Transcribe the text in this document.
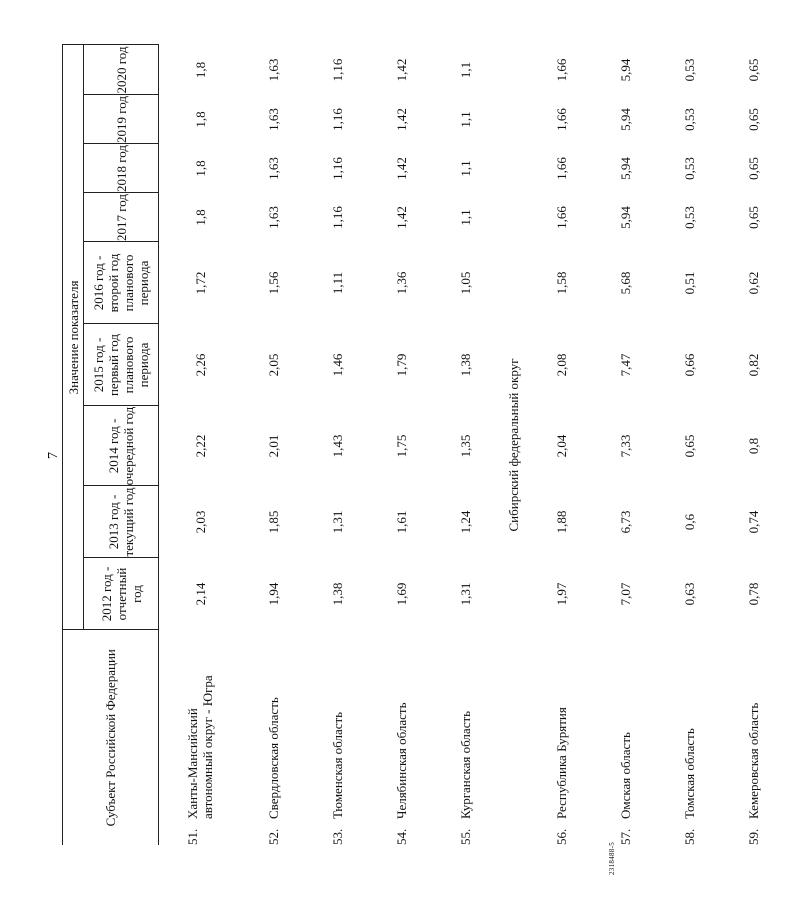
7
2318488-5
Субъект Российской Федерации	Значение показателя								
	2012 год - отчетный год	2013 год - текущий год	2014 год - очередной год	2015 год - первый год планового периода	2016 год - второй год планового периода	2017 год	2018 год	2019 год	2020 год
51.Ханты-Мансийский автономный округ - Югра	2,14	2,03	2,22	2,26	1,72	1,8	1,8	1,8	1,8
52.Свердловская область	1,94	1,85	2,01	2,05	1,56	1,63	1,63	1,63	1,63
53.Тюменская область	1,38	1,31	1,43	1,46	1,11	1,16	1,16	1,16	1,16
54.Челябинская область	1,69	1,61	1,75	1,79	1,36	1,42	1,42	1,42	1,42
55.Курганская область	1,31	1,24	1,35	1,38	1,05	1,1	1,1	1,1	1,1
Сибирский федеральный округ									
56.Республика Бурятия	1,97	1,88	2,04	2,08	1,58	1,66	1,66	1,66	1,66
57.Омская область	7,07	6,73	7,33	7,47	5,68	5,94	5,94	5,94	5,94
58.Томская область	0,63	0,6	0,65	0,66	0,51	0,53	0,53	0,53	0,53
59.Кемеровская область	0,78	0,74	0,8	0,82	0,62	0,65	0,65	0,65	0,65
